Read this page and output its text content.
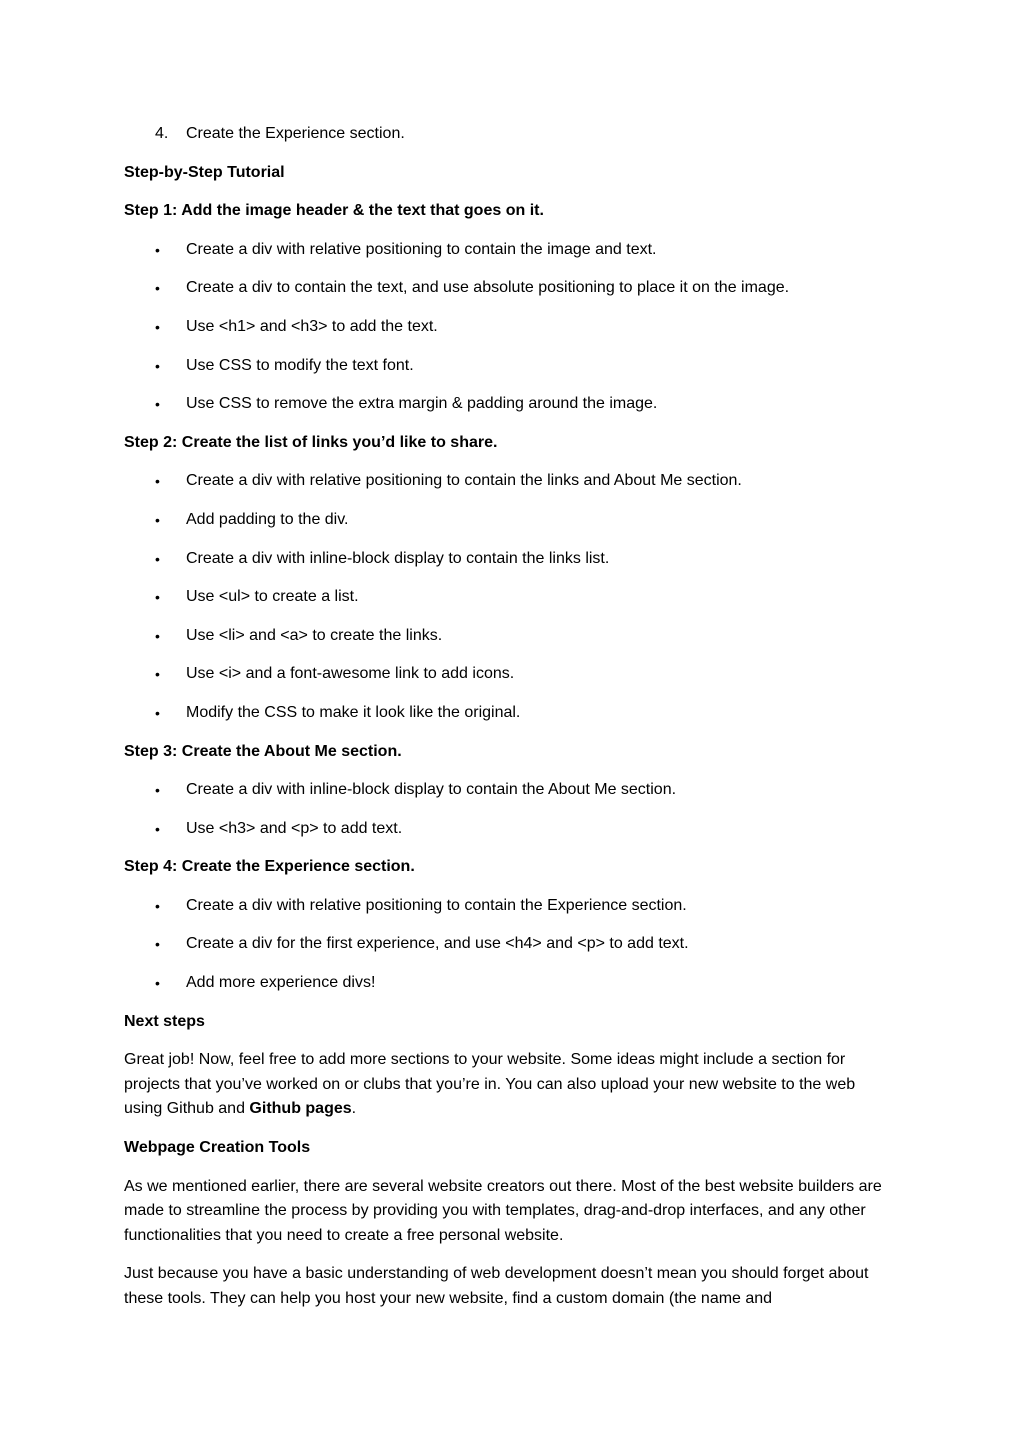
4. Create the Experience section.
Step-by-Step Tutorial
Step 1: Add the image header & the text that goes on it.
• Create a div with relative positioning to contain the image and text.
• Create a div to contain the text, and use absolute positioning to place it on the image.
• Use <h1> and <h3> to add the text.
• Use CSS to modify the text font.
• Use CSS to remove the extra margin & padding around the image.
Step 2: Create the list of links you’d like to share.
• Create a div with relative positioning to contain the links and About Me section.
• Add padding to the div.
• Create a div with inline-block display to contain the links list.
• Use <ul> to create a list.
• Use <li> and <a> to create the links.
• Use <i> and a font-awesome link to add icons.
• Modify the CSS to make it look like the original.
Step 3: Create the About Me section.
• Create a div with inline-block display to contain the About Me section.
• Use <h3> and <p> to add text.
Step 4: Create the Experience section.
• Create a div with relative positioning to contain the Experience section.
• Create a div for the first experience, and use <h4> and <p> to add text.
• Add more experience divs!
Next steps

Great job! Now, feel free to add more sections to your website. Some ideas might include a section for projects that you’ve worked on or clubs that you’re in. You can also upload your new website to the web using Github and Github pages.

Webpage Creation Tools

As we mentioned earlier, there are several website creators out there. Most of the best website builders are made to streamline the process by providing you with templates, drag-and-drop interfaces, and any other functionalities that you need to create a free personal website.

Just because you have a basic understanding of web development doesn’t mean you should forget about these tools. They can help you host your new website, find a custom domain (the name and
